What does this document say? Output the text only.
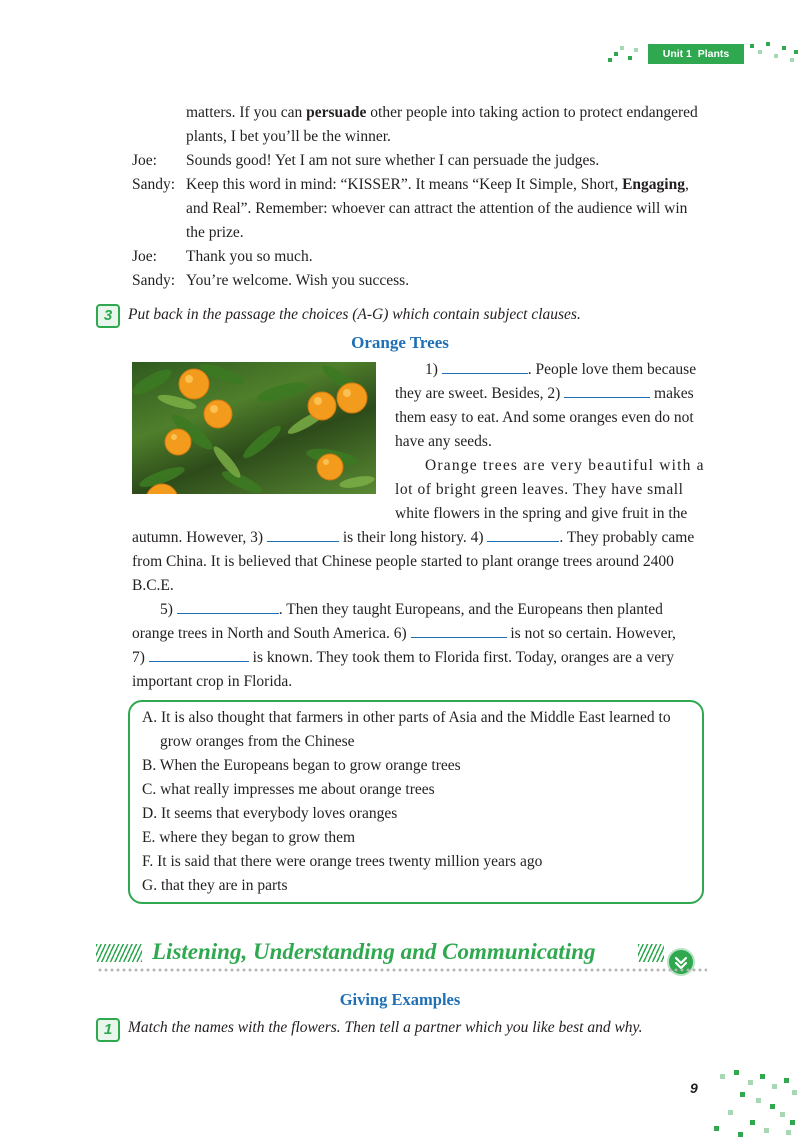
Unit 1 Plants
matters. If you can persuade other people into taking action to protect endangered
plants, I bet you’ll be the winner.
Joe: Sounds good! Yet I am not sure whether I can persuade the judges.
Sandy: Keep this word in mind: “KISSER”. It means “Keep It Simple, Short, Engaging,
and Real”. Remember: whoever can attract the attention of the audience will win
the prize.
Joe: Thank you so much.
Sandy: You’re welcome. Wish you success.
3	Put back in the passage the choices (A-G) which contain subject clauses.
Orange Trees
1)	. People love them because
they are sweet. Besides, 2)	makes
them easy to eat. And some oranges even do not
have any seeds.
Orange trees are very beautiful with a
lot of bright green leaves. They have small
white flowers in the spring and give fruit in the
autumn. However, 3)	is their long history. 4)	. They probably came
from China. It is believed that Chinese people started to plant orange trees around 2400
B.C.E.
5)	. Then they taught Europeans, and the Europeans then planted
orange trees in North and South America. 6)	is not so certain. However,
7)	is known. They took them to Florida first. Today, oranges are a very
important crop in Florida.
A. It is also thought that farmers in other parts of Asia and the Middle East learned to
grow oranges from the Chinese
B. When the Europeans began to grow orange trees
C. what really impresses me about orange trees
D. It seems that everybody loves oranges
E. where they began to grow them
F. It is said that there were orange trees twenty million years ago
G. that they are in parts
Listening, Understanding and Communicating
Giving Examples
1	Match the names with the flowers. Then tell a partner which you like best and why.
9
